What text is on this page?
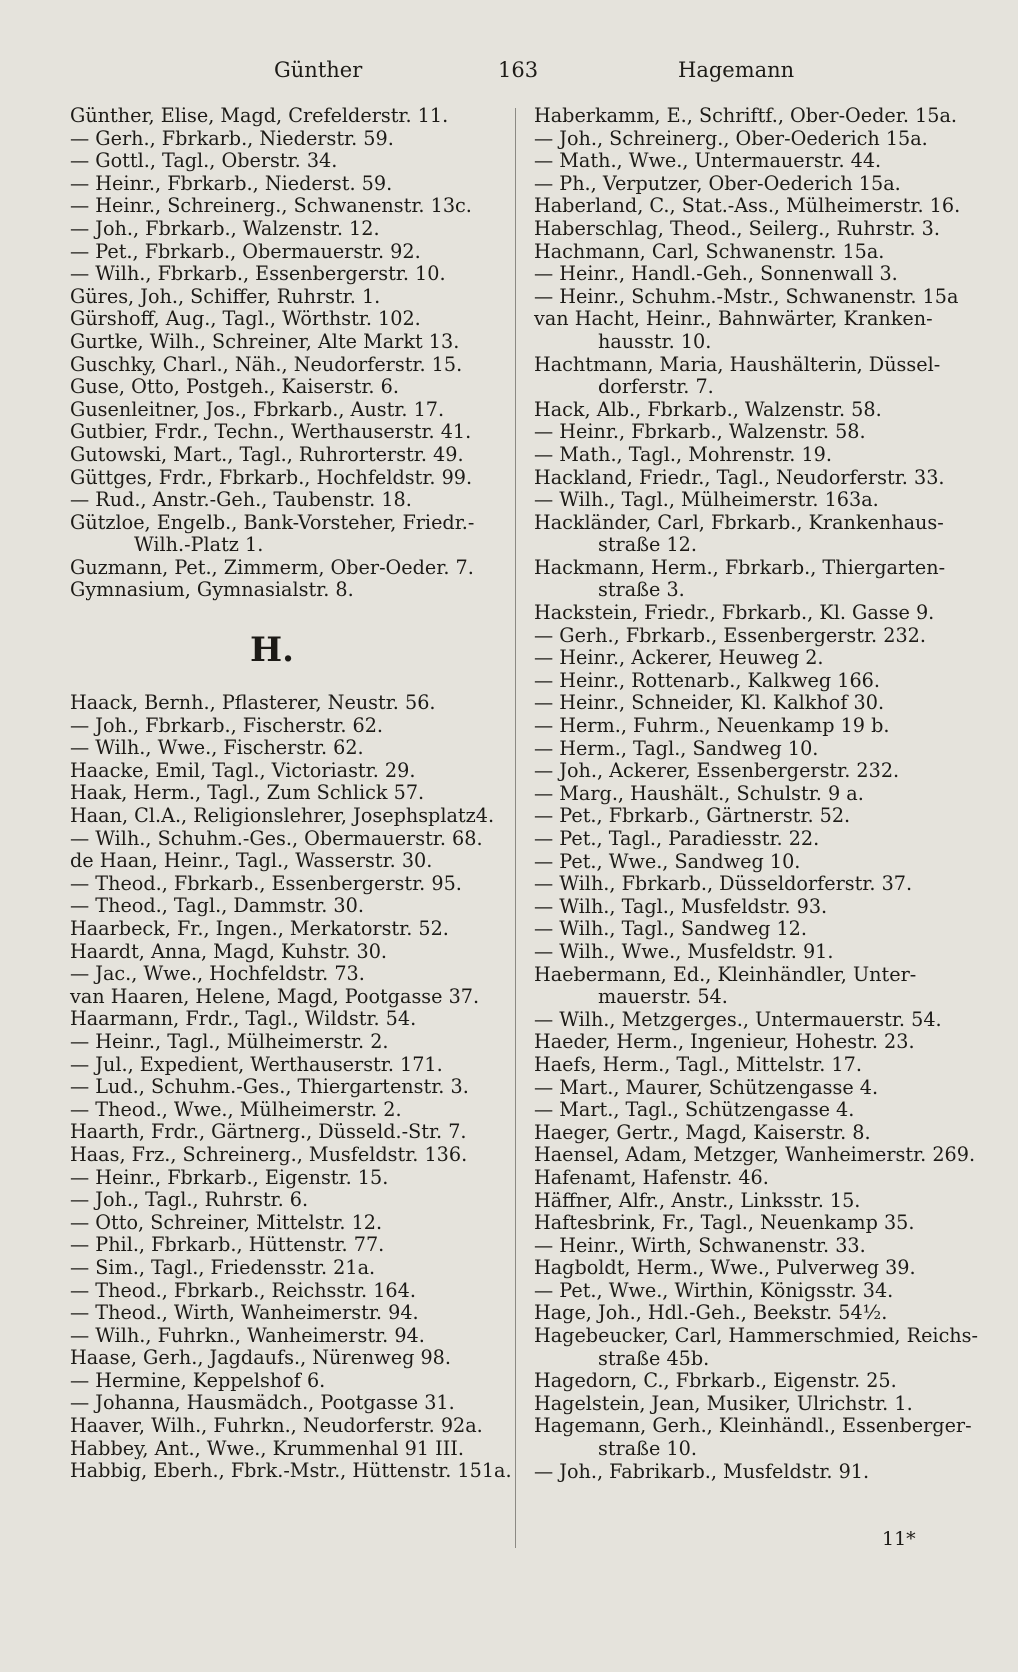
Günther	163	Hagemann
Günther, Elise, Magd, Crefelderstr. 11.
— Gerh., Fbrkarb., Niederstr. 59.
— Gottl., Tagl., Oberstr. 34.
— Heinr., Fbrkarb., Niederst. 59.
— Heinr., Schreinerg., Schwanenstr. 13c.
— Joh., Fbrkarb., Walzenstr. 12.
— Pet., Fbrkarb., Obermauerstr. 92.
— Wilh., Fbrkarb., Essenbergerstr. 10.
Güres, Joh., Schiffer, Ruhrstr. 1.
Gürshoff, Aug., Tagl., Wörthstr. 102.
Gurtke, Wilh., Schreiner, Alte Markt 13.
Guschky, Charl., Näh., Neudorferstr. 15.
Guse, Otto, Postgeh., Kaiserstr. 6.
Gusenleitner, Jos., Fbrkarb., Austr. 17.
Gutbier, Frdr., Techn., Werthauserstr. 41.
Gutowski, Mart., Tagl., Ruhrorterstr. 49.
Güttges, Frdr., Fbrkarb., Hochfeldstr. 99.
— Rud., Anstr.-Geh., Taubenstr. 18.
Gützloe, Engelb., Bank-Vorsteher, Friedr.-
Wilh.-Platz 1.
Guzmann, Pet., Zimmerm, Ober-Oeder. 7.
Gymnasium, Gymnasialstr. 8.
H.
Haack, Bernh., Pflasterer, Neustr. 56.
— Joh., Fbrkarb., Fischerstr. 62.
— Wilh., Wwe., Fischerstr. 62.
Haacke, Emil, Tagl., Victoriastr. 29.
Haak, Herm., Tagl., Zum Schlick 57.
Haan, Cl.A., Religionslehrer, Josephsplatz4.
— Wilh., Schuhm.-Ges., Obermauerstr. 68.
de Haan, Heinr., Tagl., Wasserstr. 30.
— Theod., Fbrkarb., Essenbergerstr. 95.
— Theod., Tagl., Dammstr. 30.
Haarbeck, Fr., Ingen., Merkatorstr. 52.
Haardt, Anna, Magd, Kuhstr. 30.
— Jac., Wwe., Hochfeldstr. 73.
van Haaren, Helene, Magd, Pootgasse 37.
Haarmann, Frdr., Tagl., Wildstr. 54.
— Heinr., Tagl., Mülheimerstr. 2.
— Jul., Expedient, Werthauserstr. 171.
— Lud., Schuhm.-Ges., Thiergartenstr. 3.
— Theod., Wwe., Mülheimerstr. 2.
Haarth, Frdr., Gärtnerg., Düsseld.-Str. 7.
Haas, Frz., Schreinerg., Musfeldstr. 136.
— Heinr., Fbrkarb., Eigenstr. 15.
— Joh., Tagl., Ruhrstr. 6.
— Otto, Schreiner, Mittelstr. 12.
— Phil., Fbrkarb., Hüttenstr. 77.
— Sim., Tagl., Friedensstr. 21a.
— Theod., Fbrkarb., Reichsstr. 164.
— Theod., Wirth, Wanheimerstr. 94.
— Wilh., Fuhrkn., Wanheimerstr. 94.
Haase, Gerh., Jagdaufs., Nürenweg 98.
— Hermine, Keppelshof 6.
— Johanna, Hausmädch., Pootgasse 31.
Haaver, Wilh., Fuhrkn., Neudorferstr. 92a.
Habbey, Ant., Wwe., Krummenhal 91 III.
Habbig, Eberh., Fbrk.-Mstr., Hüttenstr. 151a.
Haberkamm, E., Schriftf., Ober-Oeder. 15a.
— Joh., Schreinerg., Ober-Oederich 15a.
— Math., Wwe., Untermauerstr. 44.
— Ph., Verputzer, Ober-Oederich 15a.
Haberland, C., Stat.-Ass., Mülheimerstr. 16.
Haberschlag, Theod., Seilerg., Ruhrstr. 3.
Hachmann, Carl, Schwanenstr. 15a.
— Heinr., Handl.-Geh., Sonnenwall 3.
— Heinr., Schuhm.-Mstr., Schwanenstr. 15a
van Hacht, Heinr., Bahnwärter, Kranken-
hausstr. 10.
Hachtmann, Maria, Haushälterin, Düssel-
dorferstr. 7.
Hack, Alb., Fbrkarb., Walzenstr. 58.
— Heinr., Fbrkarb., Walzenstr. 58.
— Math., Tagl., Mohrenstr. 19.
Hackland, Friedr., Tagl., Neudorferstr. 33.
— Wilh., Tagl., Mülheimerstr. 163a.
Hackländer, Carl, Fbrkarb., Krankenhaus-
straße 12.
Hackmann, Herm., Fbrkarb., Thiergarten-
straße 3.
Hackstein, Friedr., Fbrkarb., Kl. Gasse 9.
— Gerh., Fbrkarb., Essenbergerstr. 232.
— Heinr., Ackerer, Heuweg 2.
— Heinr., Rottenarb., Kalkweg 166.
— Heinr., Schneider, Kl. Kalkhof 30.
— Herm., Fuhrm., Neuenkamp 19 b.
— Herm., Tagl., Sandweg 10.
— Joh., Ackerer, Essenbergerstr. 232.
— Marg., Haushält., Schulstr. 9 a.
— Pet., Fbrkarb., Gärtnerstr. 52.
— Pet., Tagl., Paradiesstr. 22.
— Pet., Wwe., Sandweg 10.
— Wilh., Fbrkarb., Düsseldorferstr. 37.
— Wilh., Tagl., Musfeldstr. 93.
— Wilh., Tagl., Sandweg 12.
— Wilh., Wwe., Musfeldstr. 91.
Haebermann, Ed., Kleinhändler, Unter-
mauerstr. 54.
— Wilh., Metzgerges., Untermauerstr. 54.
Haeder, Herm., Ingenieur, Hohestr. 23.
Haefs, Herm., Tagl., Mittelstr. 17.
— Mart., Maurer, Schützengasse 4.
— Mart., Tagl., Schützengasse 4.
Haeger, Gertr., Magd, Kaiserstr. 8.
Haensel, Adam, Metzger, Wanheimerstr. 269.
Hafenamt, Hafenstr. 46.
Häffner, Alfr., Anstr., Linksstr. 15.
Haftesbrink, Fr., Tagl., Neuenkamp 35.
— Heinr., Wirth, Schwanenstr. 33.
Hagboldt, Herm., Wwe., Pulverweg 39.
— Pet., Wwe., Wirthin, Königsstr. 34.
Hage, Joh., Hdl.-Geh., Beekstr. 54½.
Hagebeucker, Carl, Hammerschmied, Reichs-
straße 45b.
Hagedorn, C., Fbrkarb., Eigenstr. 25.
Hagelstein, Jean, Musiker, Ulrichstr. 1.
Hagemann, Gerh., Kleinhändl., Essenberger-
straße 10.
— Joh., Fabrikarb., Musfeldstr. 91.
11*
